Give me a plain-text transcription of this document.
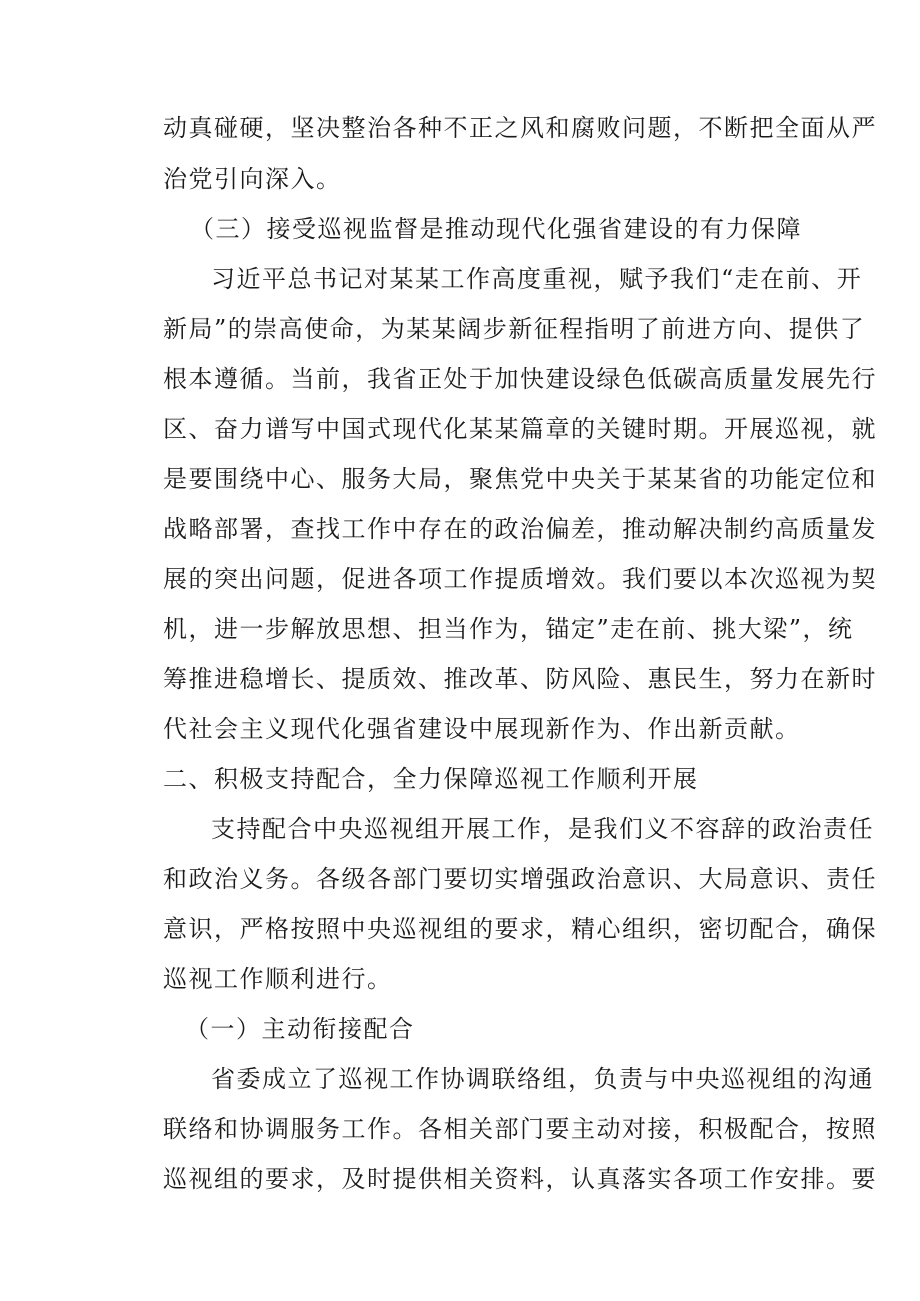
动真碰硬，坚决整治各种不正之风和腐败问题，不断把全面从严
治党引向深入。
（三）接受巡视监督是推动现代化强省建设的有力保障
习近平总书记对某某工作高度重视，赋予我们“走在前、开
新局”的崇高使命，为某某阔步新征程指明了前进方向、提供了
根本遵循。当前，我省正处于加快建设绿色低碳高质量发展先行
区、奋力谱写中国式现代化某某篇章的关键时期。开展巡视，就
是要围绕中心、服务大局，聚焦党中央关于某某省的功能定位和
战略部署，查找工作中存在的政治偏差，推动解决制约高质量发
展的突出问题，促进各项工作提质增效。我们要以本次巡视为契
机，进一步解放思想、担当作为，锚定”走在前、挑大梁”，统
筹推进稳增长、提质效、推改革、防风险、惠民生，努力在新时
代社会主义现代化强省建设中展现新作为、作出新贡献。
二、积极支持配合，全力保障巡视工作顺利开展
支持配合中央巡视组开展工作，是我们义不容辞的政治责任
和政治义务。各级各部门要切实增强政治意识、大局意识、责任
意识，严格按照中央巡视组的要求，精心组织，密切配合，确保
巡视工作顺利进行。
（一）主动衔接配合
省委成立了巡视工作协调联络组，负责与中央巡视组的沟通
联络和协调服务工作。各相关部门要主动对接，积极配合，按照
巡视组的要求，及时提供相关资料，认真落实各项工作安排。要
